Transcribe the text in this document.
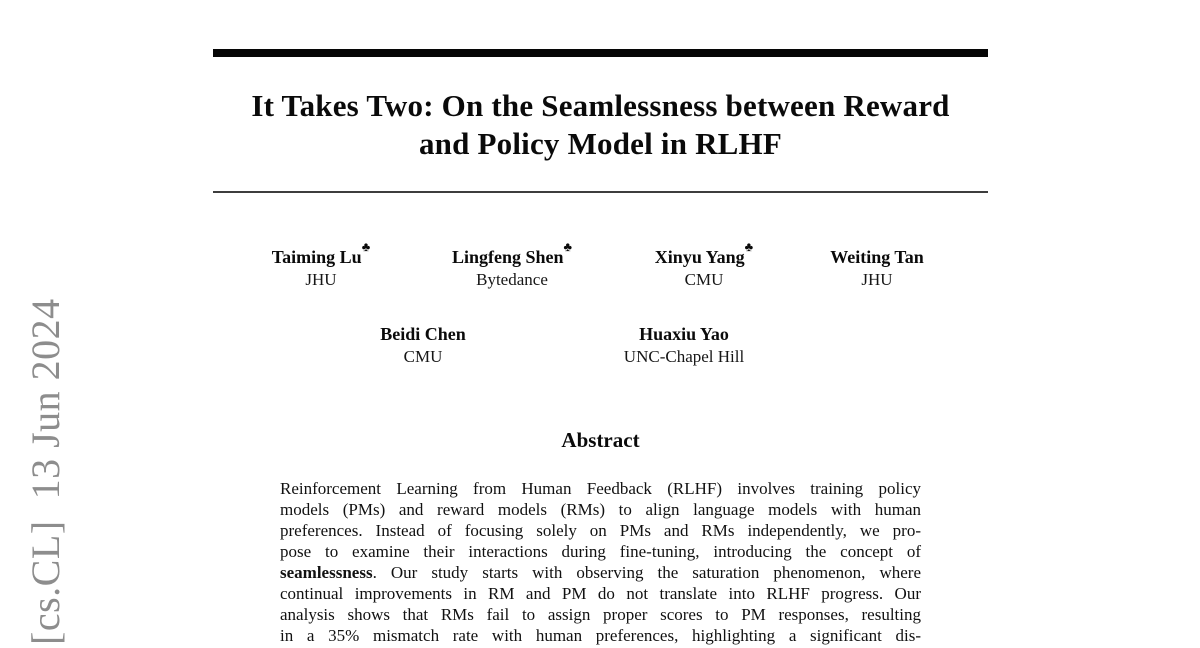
It Takes Two: On the Seamlessness between Reward
and Policy Model in RLHF
Taiming Lu♣
JHU
Lingfeng Shen♣
Bytedance
Xinyu Yang♣
CMU
Weiting Tan
JHU
Beidi Chen
CMU
Huaxiu Yao
UNC-Chapel Hill
Abstract
Reinforcement Learning from Human Feedback (RLHF) involves training policy
models (PMs) and reward models (RMs) to align language models with human
preferences. Instead of focusing solely on PMs and RMs independently, we pro-
pose to examine their interactions during fine-tuning, introducing the concept of
seamlessness. Our study starts with observing the saturation phenomenon, where
continual improvements in RM and PM do not translate into RLHF progress. Our
analysis shows that RMs fail to assign proper scores to PM responses, resulting
in a 35% mismatch rate with human preferences, highlighting a significant dis-
[cs.CL]  13 Jun 2024
